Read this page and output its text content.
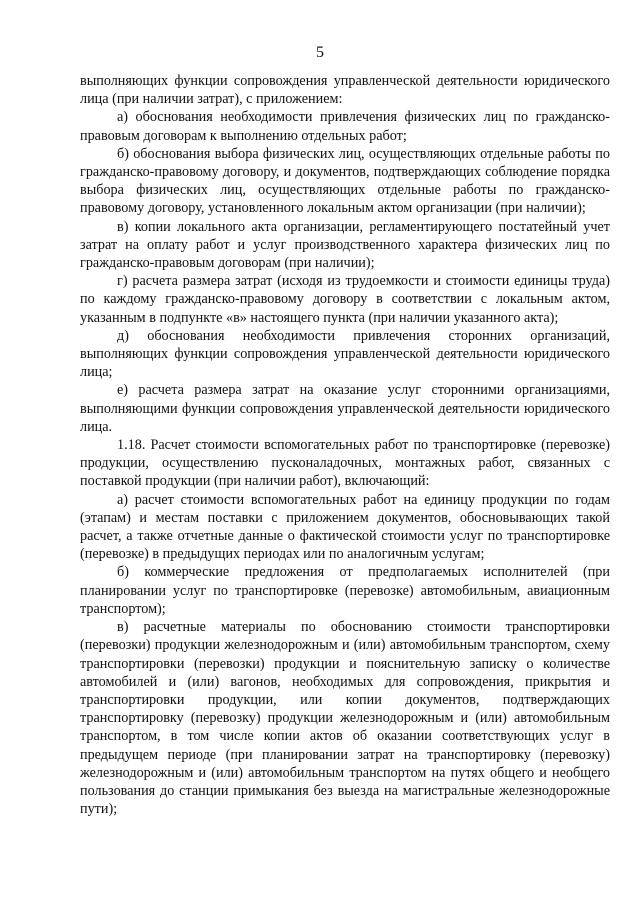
5

выполняющих функции сопровождения управленческой деятельности юридического лица (при наличии затрат), с приложением:

а) обоснования необходимости привлечения физических лиц по гражданско-правовым договорам к выполнению отдельных работ;

б) обоснования выбора физических лиц, осуществляющих отдельные работы по гражданско-правовому договору, и документов, подтверждающих соблюдение порядка выбора физических лиц, осуществляющих отдельные работы по гражданско-правовому договору, установленного локальным актом организации (при наличии);

в) копии локального акта организации, регламентирующего постатейный учет затрат на оплату работ и услуг производственного характера физических лиц по гражданско-правовым договорам (при наличии);

г) расчета размера затрат (исходя из трудоемкости и стоимости единицы труда) по каждому гражданско-правовому договору в соответствии с локальным актом, указанным в подпункте «в» настоящего пункта (при наличии указанного акта);

д) обоснования необходимости привлечения сторонних организаций, выполняющих функции сопровождения управленческой деятельности юридического лица;

е) расчета размера затрат на оказание услуг сторонними организациями, выполняющими функции сопровождения управленческой деятельности юридического лица.

1.18. Расчет стоимости вспомогательных работ по транспортировке (перевозке) продукции, осуществлению пусконаладочных, монтажных работ, связанных с поставкой продукции (при наличии работ), включающий:

а) расчет стоимости вспомогательных работ на единицу продукции по годам (этапам) и местам поставки с приложением документов, обосновывающих такой расчет, а также отчетные данные о фактической стоимости услуг по транспортировке (перевозке) в предыдущих периодах или по аналогичным услугам;

б) коммерческие предложения от предполагаемых исполнителей (при планировании услуг по транспортировке (перевозке) автомобильным, авиационным транспортом);

в) расчетные материалы по обоснованию стоимости транспортировки (перевозки) продукции железнодорожным и (или) автомобильным транспортом, схему транспортировки (перевозки) продукции и пояснительную записку о количестве автомобилей и (или) вагонов, необходимых для сопровождения, прикрытия и транспортировки продукции, или копии документов, подтверждающих транспортировку (перевозку) продукции железнодорожным и (или) автомобильным транспортом, в том числе копии актов об оказании соответствующих услуг в предыдущем периоде (при планировании затрат на транспортировку (перевозку) железнодорожным и (или) автомобильным транспортом на путях общего и необщего пользования до станции примыкания без выезда на магистральные железнодорожные пути);
